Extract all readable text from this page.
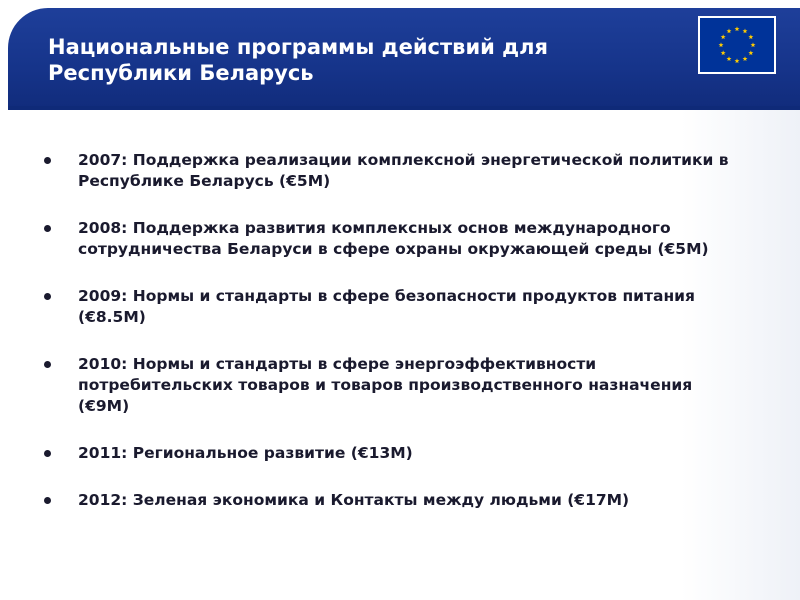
Национальные программы действий для
Республики Беларусь
2007: Поддержка реализации комплексной энергетической политики в Республике Беларусь (€5M)
2008: Поддержка развития комплексных основ международного сотрудничества Беларуси в сфере охраны окружающей среды (€5M)
2009: Нормы и стандарты в сфере безопасности продуктов питания (€8.5M)
2010: Нормы и стандарты в сфере энергоэффективности потребительских товаров и товаров производственного назначения (€9M)
2011: Региональное развитие (€13M)
2012: Зеленая экономика и Контакты между людьми (€17M)
